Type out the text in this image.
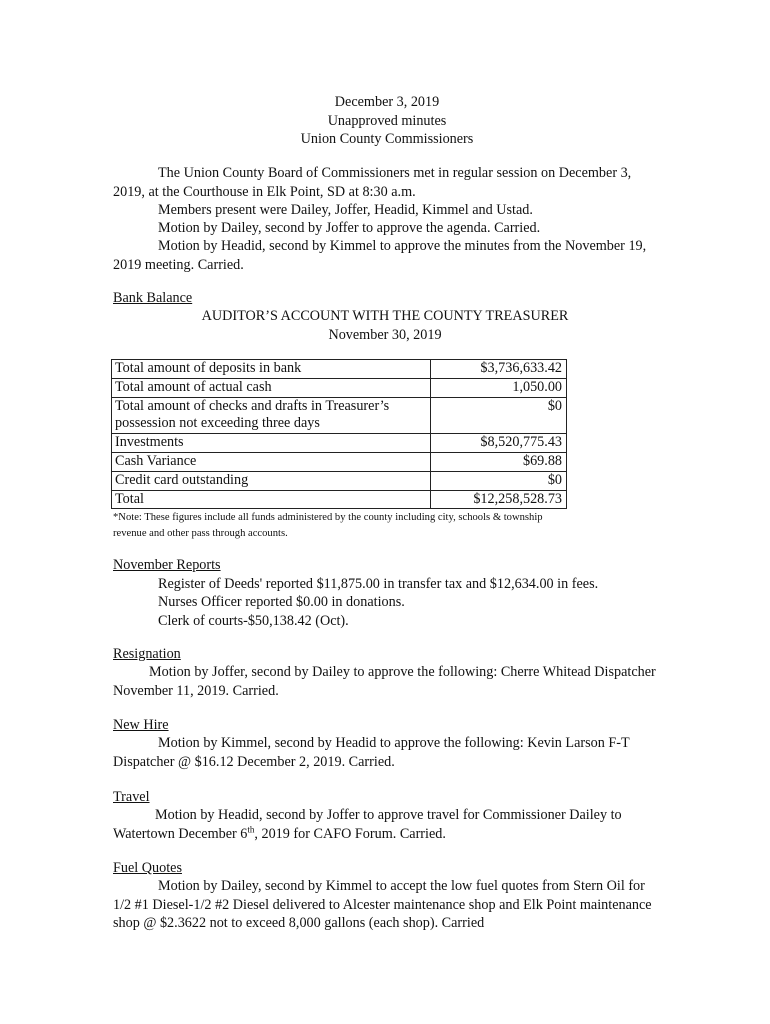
December 3, 2019
Unapproved minutes
Union County Commissioners

The Union County Board of Commissioners met in regular session on December 3, 2019, at the Courthouse in Elk Point, SD at 8:30 a.m.

Members present were Dailey, Joffer, Headid, Kimmel and Ustad.

Motion by Dailey, second by Joffer to approve the agenda. Carried.

Motion by Headid, second by Kimmel to approve the minutes from the November 19, 2019 meeting. Carried.

Bank Balance
AUDITOR’S ACCOUNT WITH THE COUNTY TREASURER
November 30, 2019
Total amount of deposits in bank	$3,736,633.42
Total amount of actual cash	1,050.00
Total amount of checks and drafts in Treasurer’s possession not exceeding three days	$0
Investments	$8,520,775.43
Cash Variance	$69.88
Credit card outstanding	$0
Total	$12,258,528.73
*Note: These figures include all funds administered by the county including city, schools & township revenue and other pass through accounts.
November Reports
Register of Deeds' reported $11,875.00 in transfer tax and $12,634.00 in fees.
Nurses Officer reported $0.00 in donations.
Clerk of courts-$50,138.42 (Oct).
Resignation

Motion by Joffer, second by Dailey to approve the following: Cherre Whitead Dispatcher November 11, 2019. Carried.

New Hire

Motion by Kimmel, second by Headid to approve the following: Kevin Larson F-T Dispatcher @ $16.12 December 2, 2019. Carried.

Travel

Motion by Headid, second by Joffer to approve travel for Commissioner Dailey to Watertown December 6th, 2019 for CAFO Forum. Carried.

Fuel Quotes

Motion by Dailey, second by Kimmel to accept the low fuel quotes from Stern Oil for 1/2 #1 Diesel-1/2 #2 Diesel delivered to Alcester maintenance shop and Elk Point maintenance shop @ $2.3622 not to exceed 8,000 gallons (each shop). Carried
